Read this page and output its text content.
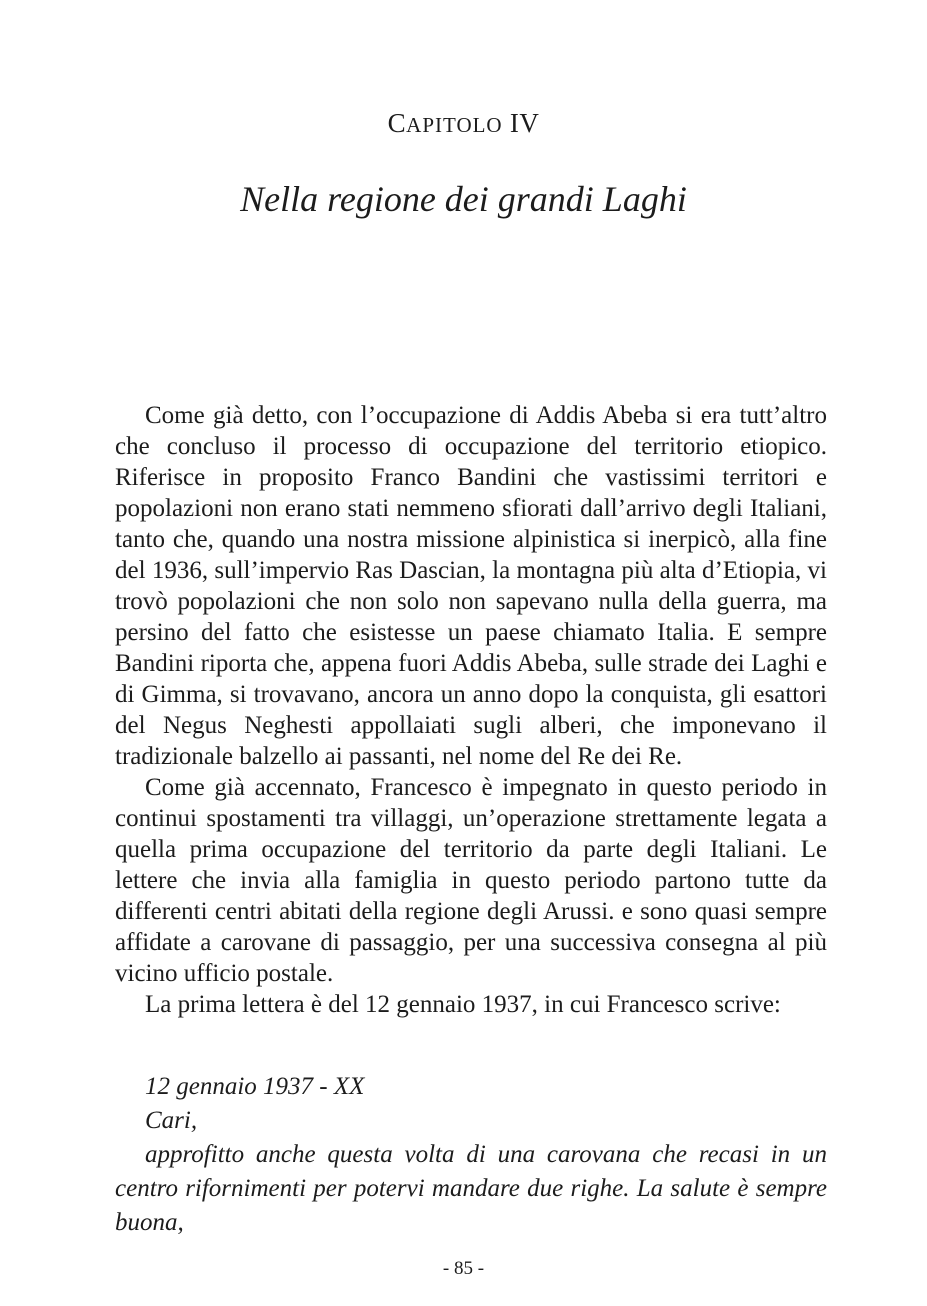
CAPITOLO IV
Nella regione dei grandi Laghi

Come già detto, con l’occupazione di Addis Abeba si era tutt’altro che concluso il processo di occupazione del territorio etiopico. Riferisce in proposito Franco Bandini che vastissimi territori e popolazioni non erano stati nemmeno sfiorati dall’arrivo degli Italiani, tanto che, quando una nostra missione alpinistica si inerpicò, alla fine del 1936, sull’impervio Ras Dascian, la montagna più alta d’Etiopia, vi trovò popolazioni che non solo non sapevano nulla della guerra, ma persino del fatto che esistesse un paese chiamato Italia. E sempre Bandini riporta che, appena fuori Addis Abeba, sulle strade dei Laghi e di Gimma, si trovavano, ancora un anno dopo la conquista, gli esattori del Negus Neghesti appollaiati sugli alberi, che imponevano il tradizionale balzello ai passanti, nel nome del Re dei Re.

Come già accennato, Francesco è impegnato in questo periodo in continui spostamenti tra villaggi, un’operazione strettamente legata a quella prima occupazione del territorio da parte degli Italiani. Le lettere che invia alla famiglia in questo periodo partono tutte da differenti centri abitati della regione degli Arussi. e sono quasi sempre affidate a carovane di passaggio, per una successiva consegna al più vicino ufficio postale.

La prima lettera è del 12 gennaio 1937, in cui Francesco scrive:

12 gennaio 1937 - XX

Cari,

approfitto anche questa volta di una carovana che recasi in un centro rifornimenti per potervi mandare due righe. La salute è sempre buona,

- 85 -
